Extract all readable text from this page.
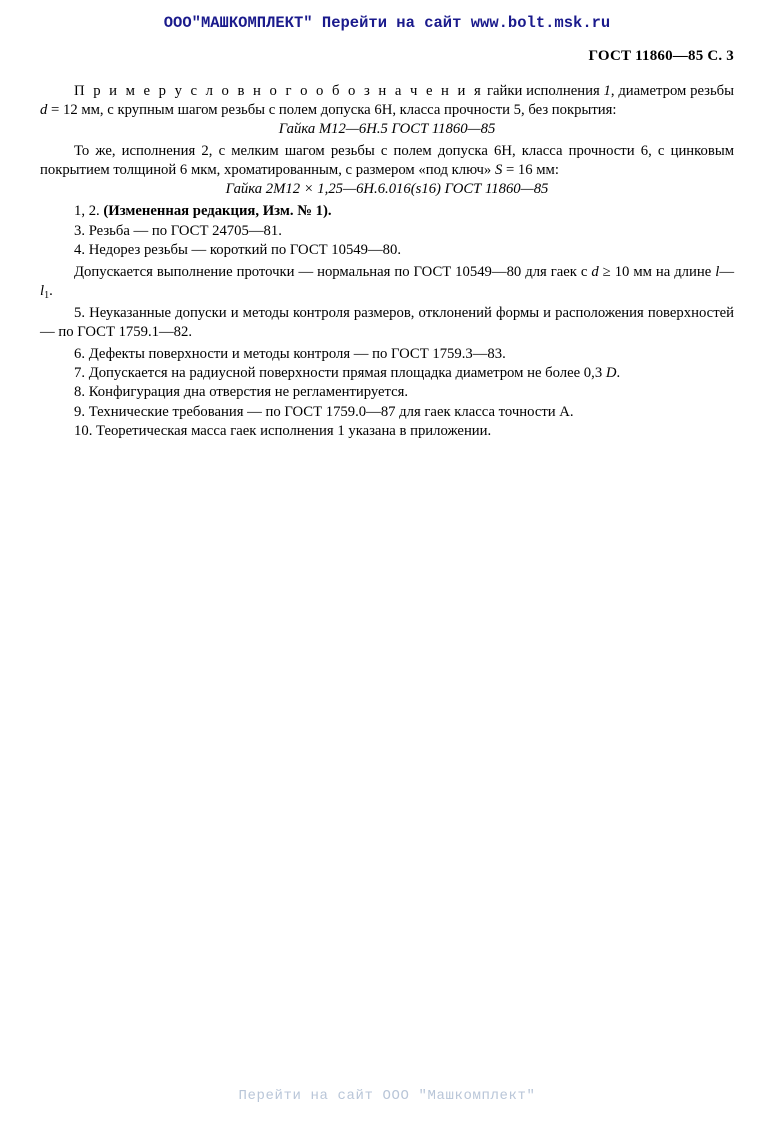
ООО"МАШКОМПЛЕКТ" Перейти на сайт www.bolt.msk.ru
ГОСТ 11860—85 С. 3

П р и м е р у с л о в н о г о о б о з н а ч е н и я гайки исполнения 1, диаметром резьбы d = 12 мм, с крупным шагом резьбы с полем допуска 6Н, класса прочности 5, без покрытия:

Гайка М12—6Н.5 ГОСТ 11860—85

То же, исполнения 2, с мелким шагом резьбы с полем допуска 6Н, класса прочности 6, с цинковым покрытием толщиной 6 мкм, хроматированным, с размером «под ключ» S = 16 мм:

Гайка 2М12 × 1,25—6Н.6.016(s16) ГОСТ 11860—85

1, 2. (Измененная редакция, Изм. № 1).

3. Резьба — по ГОСТ 24705—81.

4. Недорез резьбы — короткий по ГОСТ 10549—80.

Допускается выполнение проточки — нормальная по ГОСТ 10549—80 для гаек с d ≥ 10 мм на длине $l—l_1$.

5. Неуказанные допуски и методы контроля размеров, отклонений формы и расположения поверхностей — по ГОСТ 1759.1—82.

6. Дефекты поверхности и методы контроля — по ГОСТ 1759.3—83.

7. Допускается на радиусной поверхности прямая площадка диаметром не более 0,3 D.

8. Конфигурация дна отверстия не регламентируется.

9. Технические требования — по ГОСТ 1759.0—87 для гаек класса точности А.

10. Теоретическая масса гаек исполнения 1 указана в приложении.

Перейти на сайт ООО "Машкомплект"
